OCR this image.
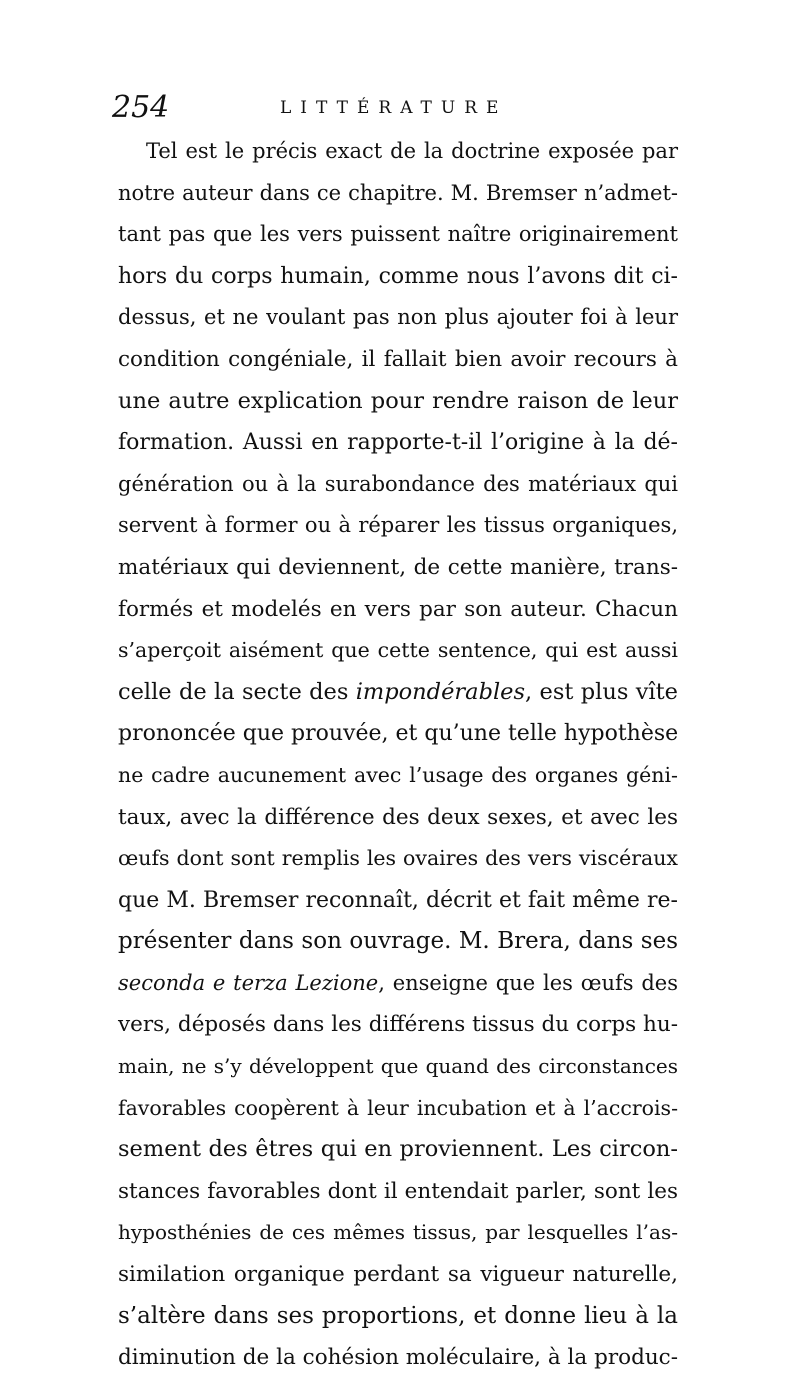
254	LITTÉRATURE
Tel est le précis exact de la doctrine exposée par
notre auteur dans ce chapitre. M. Bremser n’admet-
tant pas que les vers puissent naître originairement
hors du corps humain, comme nous l’avons dit ci-
dessus, et ne voulant pas non plus ajouter foi à leur
condition congéniale, il fallait bien avoir recours à
une autre explication pour rendre raison de leur
formation. Aussi en rapporte-t-il l’origine à la dé-
génération ou à la surabondance des matériaux qui
servent à former ou à réparer les tissus organiques,
matériaux qui deviennent, de cette manière, trans-
formés et modelés en vers par son auteur. Chacun
s’aperçoit aisément que cette sentence, qui est aussi
celle de la secte des impondérables, est plus vîte
prononcée que prouvée, et qu’une telle hypothèse
ne cadre aucunement avec l’usage des organes géni-
taux, avec la différence des deux sexes, et avec les
œufs dont sont remplis les ovaires des vers viscéraux
que M. Bremser reconnaît, décrit et fait même re-
présenter dans son ouvrage. M. Brera, dans ses
seconda e terza Lezione, enseigne que les œufs des
vers, déposés dans les différens tissus du corps hu-
main, ne s’y développent que quand des circonstances
favorables coopèrent à leur incubation et à l’accrois-
sement des êtres qui en proviennent. Les circon-
stances favorables dont il entendait parler, sont les
hyposthénies de ces mêmes tissus, par lesquelles l’as-
similation organique perdant sa vigueur naturelle,
s’altère dans ses proportions, et donne lieu à la
diminution de la cohésion moléculaire, à la produc-
